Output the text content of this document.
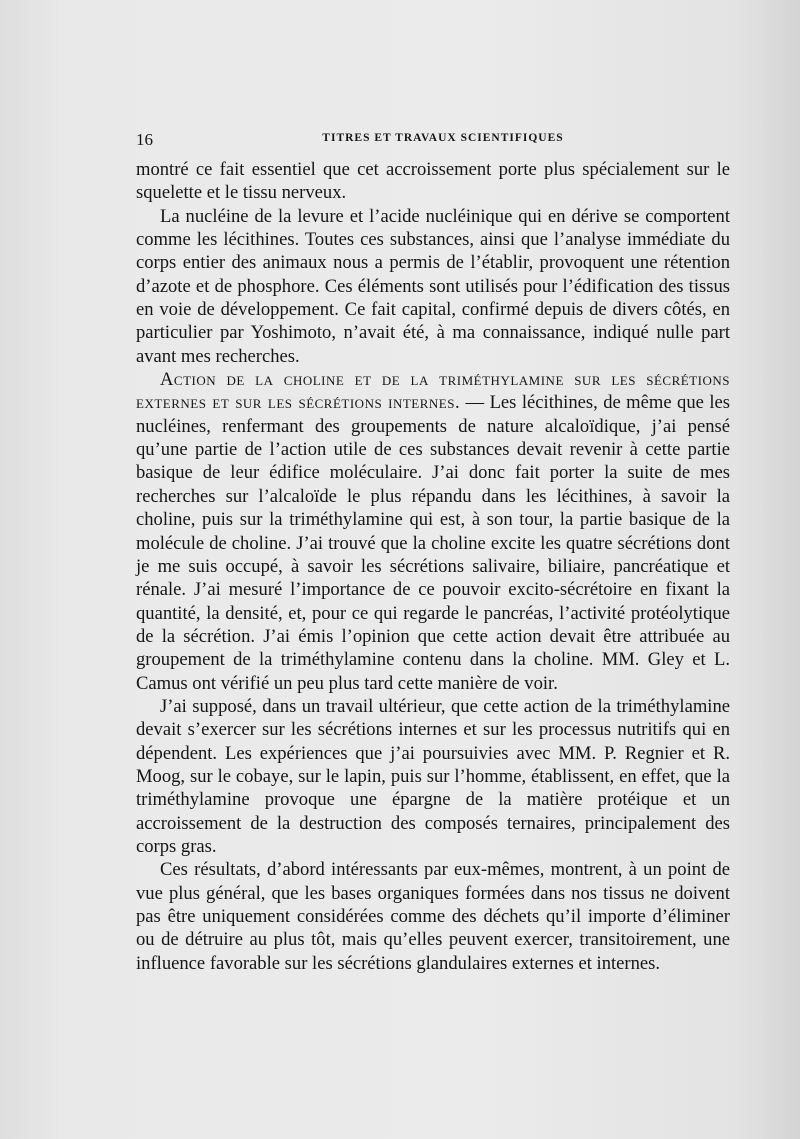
16	TITRES ET TRAVAUX SCIENTIFIQUES

montré ce fait essentiel que cet accroissement porte plus spécialement sur le squelette et le tissu nerveux.

La nucléine de la levure et l’acide nucléinique qui en dérive se comportent comme les lécithines. Toutes ces substances, ainsi que l’analyse immédiate du corps entier des animaux nous a permis de l’établir, provoquent une rétention d’azote et de phosphore. Ces éléments sont utilisés pour l’édification des tissus en voie de développement. Ce fait capital, confirmé depuis de divers côtés, en particulier par Yoshimoto, n’avait été, à ma connaissance, indiqué nulle part avant mes recherches.

Action de la choline et de la triméthylamine sur les sécrétions externes et sur les sécrétions internes. — Les lécithines, de même que les nucléines, renfermant des groupements de nature alcaloïdique, j’ai pensé qu’une partie de l’action utile de ces substances devait revenir à cette partie basique de leur édifice moléculaire. J’ai donc fait porter la suite de mes recherches sur l’alcaloïde le plus répandu dans les lécithines, à savoir la choline, puis sur la triméthylamine qui est, à son tour, la partie basique de la molécule de choline. J’ai trouvé que la choline excite les quatre sécrétions dont je me suis occupé, à savoir les sécrétions salivaire, biliaire, pancréatique et rénale. J’ai mesuré l’importance de ce pouvoir excito-sécrétoire en fixant la quantité, la densité, et, pour ce qui regarde le pancréas, l’activité protéolytique de la sécrétion. J’ai émis l’opinion que cette action devait être attribuée au groupement de la triméthylamine contenu dans la choline. MM. Gley et L. Camus ont vérifié un peu plus tard cette manière de voir.

J’ai supposé, dans un travail ultérieur, que cette action de la triméthylamine devait s’exercer sur les sécrétions internes et sur les processus nutritifs qui en dépendent. Les expériences que j’ai poursuivies avec MM. P. Regnier et R. Moog, sur le cobaye, sur le lapin, puis sur l’homme, établissent, en effet, que la triméthylamine provoque une épargne de la matière protéique et un accroissement de la destruction des composés ternaires, principalement des corps gras.

Ces résultats, d’abord intéressants par eux-mêmes, montrent, à un point de vue plus général, que les bases organiques formées dans nos tissus ne doivent pas être uniquement considérées comme des déchets qu’il importe d’éliminer ou de détruire au plus tôt, mais qu’elles peuvent exercer, transitoirement, une influence favorable sur les sécrétions glandulaires externes et internes.
